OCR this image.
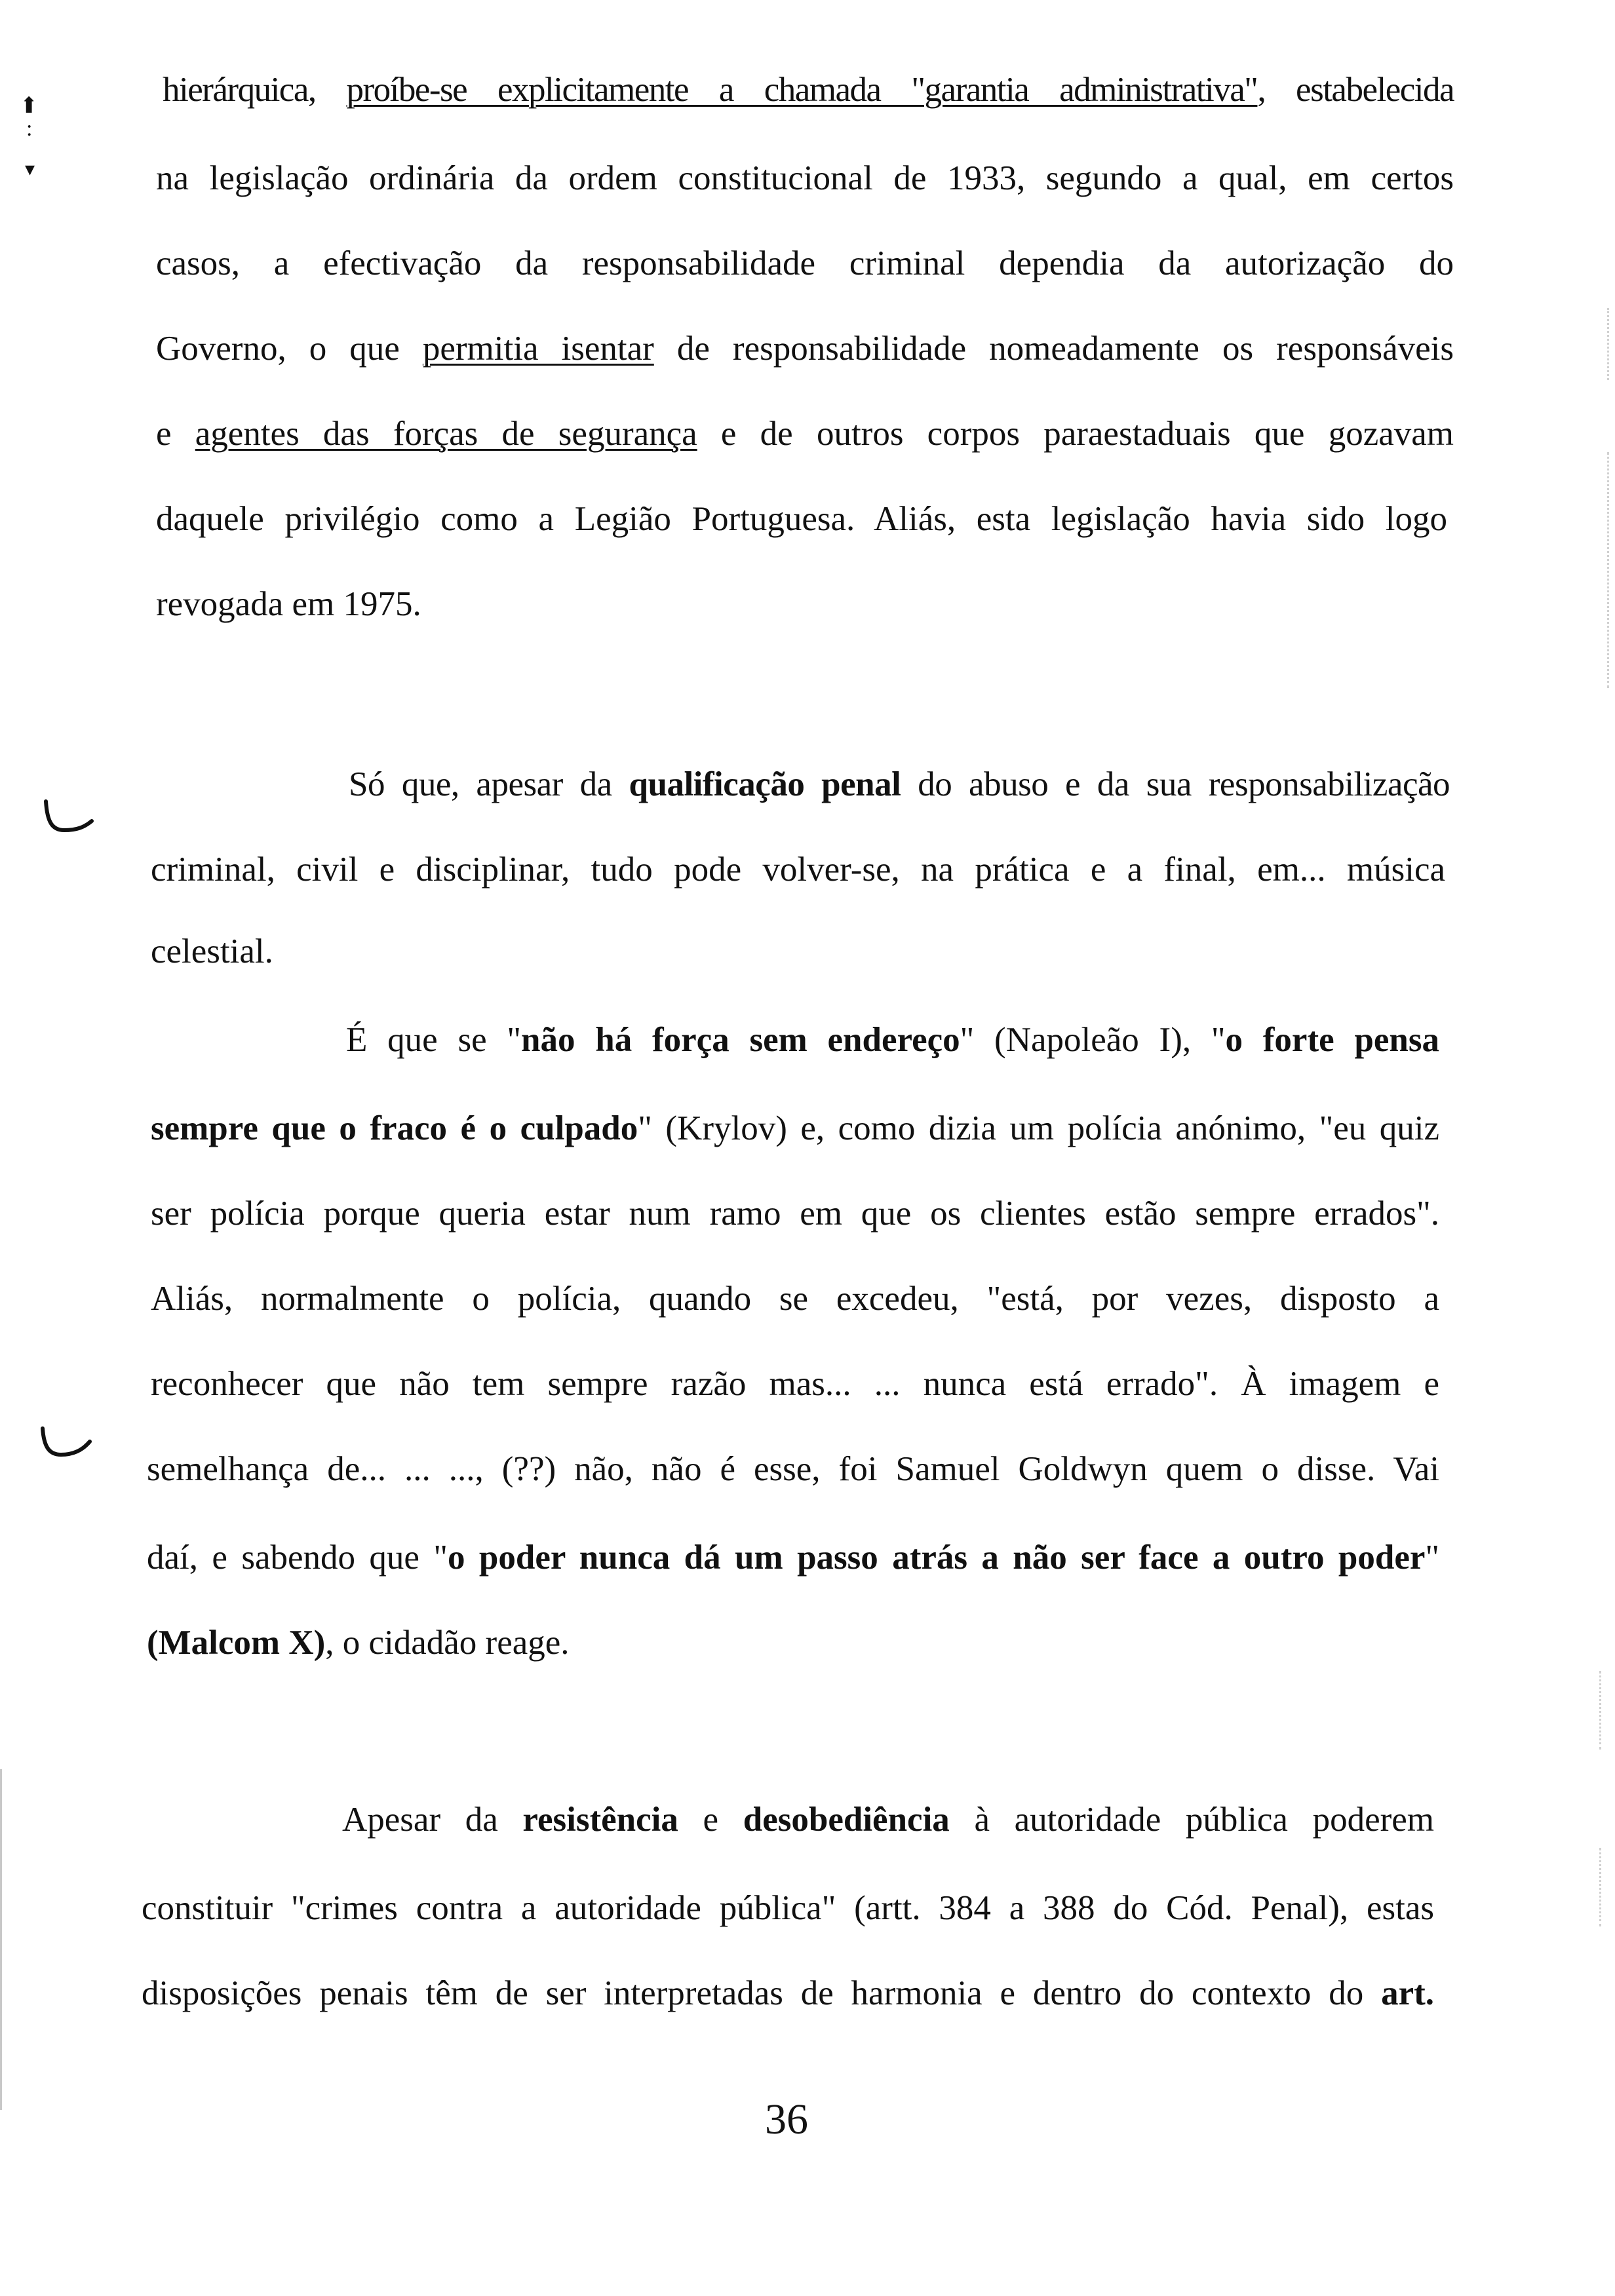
⬆
:
▾
hierárquica, proíbe-se explicitamente a chamada "garantia administrativa", estabelecida
na legislação ordinária da ordem constitucional de 1933, segundo a qual, em certos
casos, a efectivação da responsabilidade criminal dependia da autorização do
Governo, o que permitia isentar de responsabilidade nomeadamente os responsáveis
e agentes das forças de segurança e de outros corpos paraestaduais que gozavam
daquele privilégio como a Legião Portuguesa. Aliás, esta legislação havia sido logo
revogada em 1975.
Só que, apesar da qualificação penal do abuso e da sua responsabilização
criminal, civil e disciplinar, tudo pode volver-se, na prática e a final, em... música
celestial.
É que se "não há força sem endereço" (Napoleão I), "o forte pensa
sempre que o fraco é o culpado" (Krylov) e, como dizia um polícia anónimo, "eu quiz
ser polícia porque queria estar num ramo em que os clientes estão sempre errados".
Aliás, normalmente o polícia, quando se excedeu, "está, por vezes, disposto a
reconhecer que não tem sempre razão mas... ... nunca está errado". À imagem e
semelhança de... ... ..., (??) não, não é esse, foi Samuel Goldwyn quem o disse. Vai
daí, e sabendo que "o poder nunca dá um passo atrás a não ser face a outro poder"
(Malcom X), o cidadão reage.
Apesar da resistência e desobediência à autoridade pública poderem
constituir "crimes contra a autoridade pública" (artt. 384 a 388 do Cód. Penal), estas
disposições penais têm de ser interpretadas de harmonia e dentro do contexto do art.
36
